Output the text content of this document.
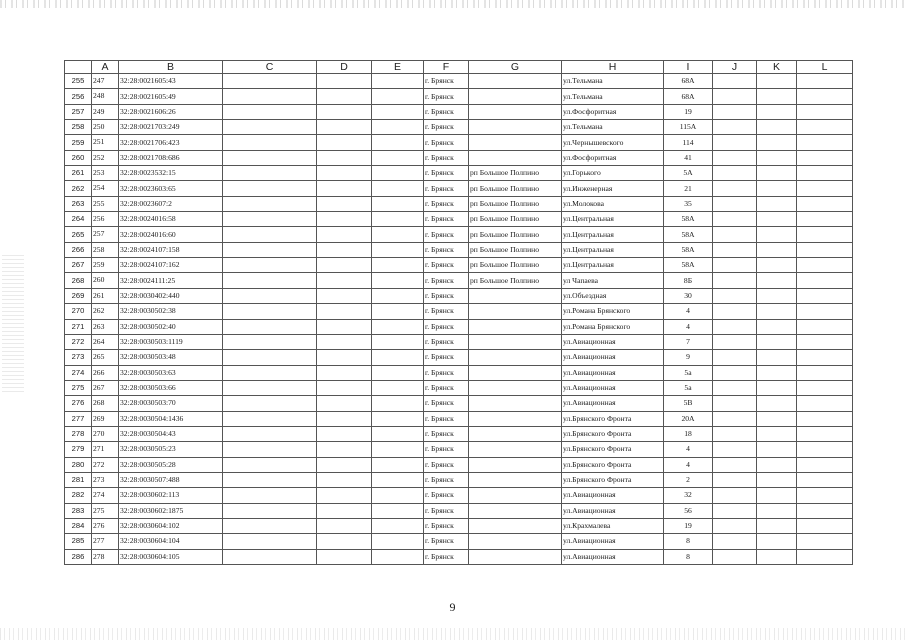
	A	B	C	D	E	F	G	H	I	J	K	L
255	247	32:28:0021605:43				г. Брянск		ул.Тельмана	68А			
256	248	32:28:0021605:49				г. Брянск		ул.Тельмана	68А			
257	249	32:28:0021606:26				г. Брянск		ул.Фосфоритная	19			
258	250	32:28:0021703:249				г. Брянск		ул.Тельмана	115А			
259	251	32:28:0021706:423				г. Брянск		ул.Чернышевского	114			
260	252	32:28:0021708:686				г. Брянск		ул.Фосфоритная	41			
261	253	32:28:0023532:15				г. Брянск	рп Большое Полпино	ул.Горького	5А			
262	254	32:28:0023603:65				г. Брянск	рп Большое Полпино	ул.Инженерная	21			
263	255	32:28:0023607:2				г. Брянск	рп Большое Полпино	ул.Молокова	35			
264	256	32:28:0024016:58				г. Брянск	рп Большое Полпино	ул.Центральная	58А			
265	257	32:28:0024016:60				г. Брянск	рп Большое Полпино	ул.Центральная	58А			
266	258	32:28:0024107:158				г. Брянск	рп Большое Полпино	ул.Центральная	58А			
267	259	32:28:0024107:162				г. Брянск	рп Большое Полпино	ул.Центральная	58А			
268	260	32:28:0024111:25				г. Брянск	рп Большое Полпино	ул Чапаева	8Б			
269	261	32:28:0030402:440				г. Брянск		ул.Объездная	30			
270	262	32:28:0030502:38				г. Брянск		ул.Романа Брянского	4			
271	263	32:28:0030502:40				г. Брянск		ул.Романа Брянского	4			
272	264	32:28:0030503:1119				г. Брянск		ул.Авиационная	7			
273	265	32:28:0030503:48				г. Брянск		ул.Авиационная	9			
274	266	32:28:0030503:63				г. Брянск		ул.Авиационная	5а			
275	267	32:28:0030503:66				г. Брянск		ул.Авиационная	5а			
276	268	32:28:0030503:70				г. Брянск		ул.Авиационная	5В			
277	269	32:28:0030504:1436				г. Брянск		ул.Брянского Фронта	20А			
278	270	32:28:0030504:43				г. Брянск		ул.Брянского Фронта	18			
279	271	32:28:0030505:23				г. Брянск		ул.Брянского Фронта	4			
280	272	32:28:0030505:28				г. Брянск		ул.Брянского Фронта	4			
281	273	32:28:0030507:488				г. Брянск		ул.Брянского Фронта	2			
282	274	32:28:0030602:113				г. Брянск		ул.Авиационная	32			
283	275	32:28:0030602:1875				г. Брянск		ул.Авиационная	56			
284	276	32:28:0030604:102				г. Брянск		ул.Крахмалева	19			
285	277	32:28:0030604:104				г. Брянск		ул.Авиационная	8			
286	278	32:28:0030604:105				г. Брянск		ул.Авиационная	8			
9
